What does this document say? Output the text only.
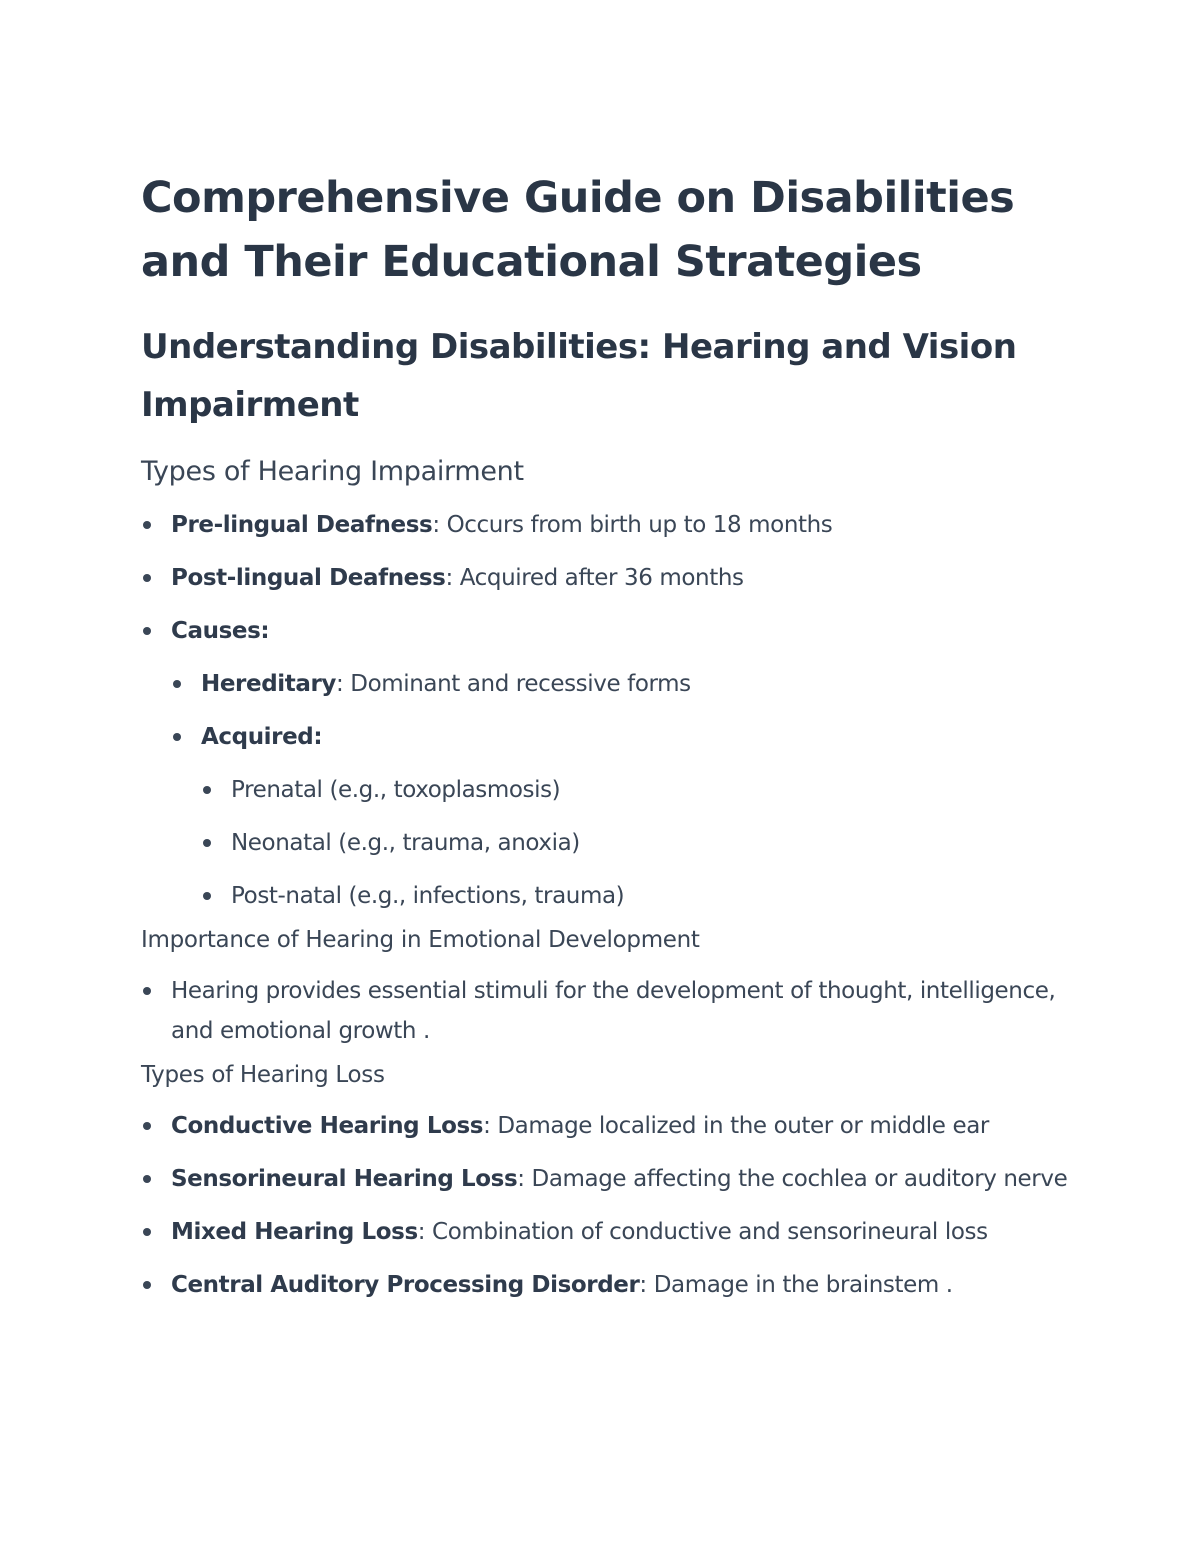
Comprehensive Guide on Disabilities and Their Educational Strategies
Understanding Disabilities: Hearing and Vision Impairment
Types of Hearing Impairment
Pre-lingual Deafness: Occurs from birth up to 18 months
Post-lingual Deafness: Acquired after 36 months
Causes:
Hereditary: Dominant and recessive forms
Acquired:
Prenatal (e.g., toxoplasmosis)
Neonatal (e.g., trauma, anoxia)
Post-natal (e.g., infections, trauma)
Importance of Hearing in Emotional Development
Hearing provides essential stimuli for the development of thought, intelligence, and emotional growth .
Types of Hearing Loss
Conductive Hearing Loss: Damage localized in the outer or middle ear
Sensorineural Hearing Loss: Damage affecting the cochlea or auditory nerve
Mixed Hearing Loss: Combination of conductive and sensorineural loss
Central Auditory Processing Disorder: Damage in the brainstem .
